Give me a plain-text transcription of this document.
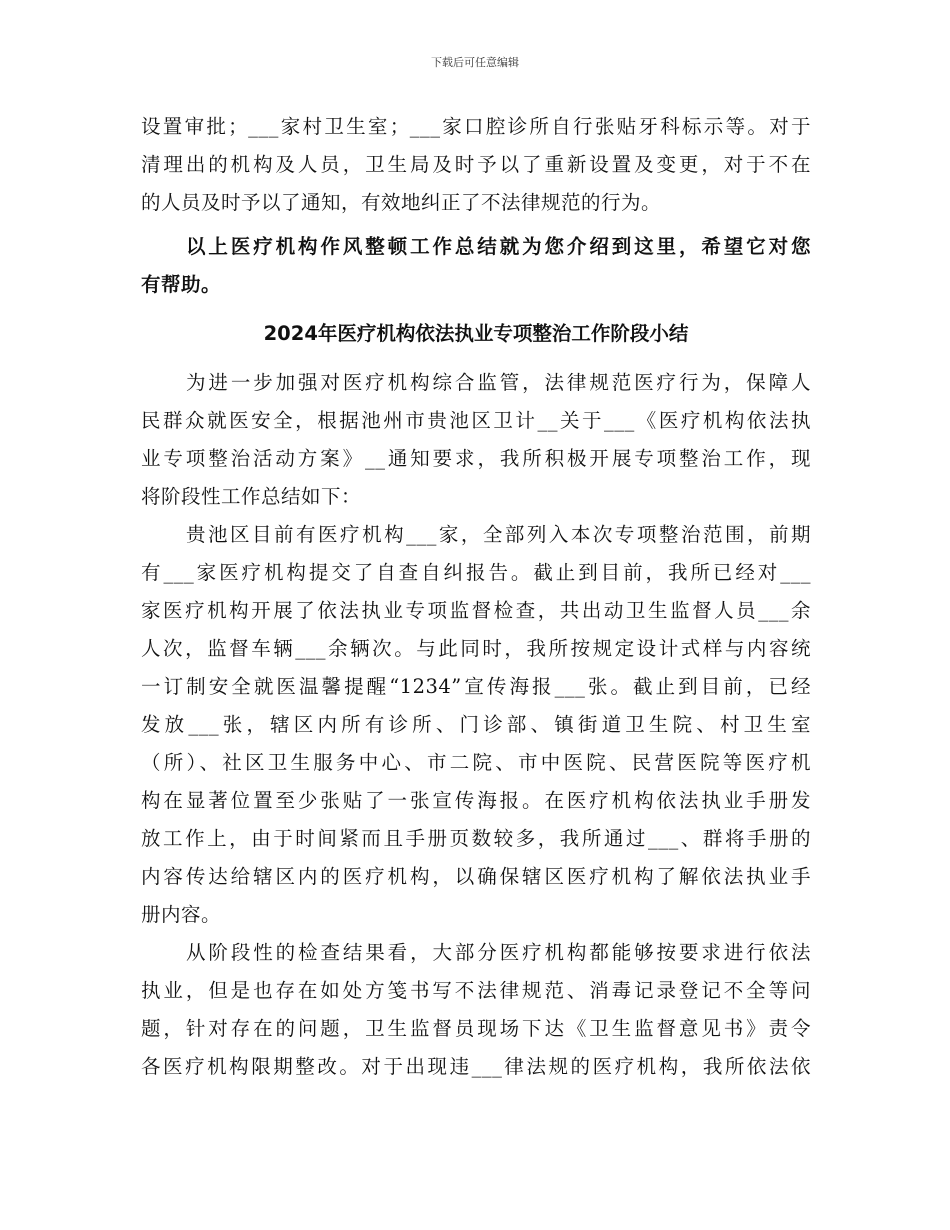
下载后可任意编辑
设置审批；___家村卫生室；___家口腔诊所自行张贴牙科标示等。对于
清理出的机构及人员，卫生局及时予以了重新设置及变更，对于不在
的人员及时予以了通知，有效地纠正了不法律规范的行为。
以上医疗机构作风整顿工作总结就为您介绍到这里，希望它对您
有帮助。
2024年医疗机构依法执业专项整治工作阶段小结
为进一步加强对医疗机构综合监管，法律规范医疗行为，保障人
民群众就医安全，根据池州市贵池区卫计__关于___《医疗机构依法执
业专项整治活动方案》__通知要求，我所积极开展专项整治工作，现
将阶段性工作总结如下：
贵池区目前有医疗机构___家，全部列入本次专项整治范围，前期
有___家医疗机构提交了自查自纠报告。截止到目前，我所已经对___
家医疗机构开展了依法执业专项监督检查，共出动卫生监督人员___余
人次，监督车辆___余辆次。与此同时，我所按规定设计式样与内容统
一订制安全就医温馨提醒“1234”宣传海报___张。截止到目前，已经
发放___张，辖区内所有诊所、门诊部、镇街道卫生院、村卫生室
（所）、社区卫生服务中心、市二院、市中医院、民营医院等医疗机
构在显著位置至少张贴了一张宣传海报。在医疗机构依法执业手册发
放工作上，由于时间紧而且手册页数较多，我所通过___、群将手册的
内容传达给辖区内的医疗机构，以确保辖区医疗机构了解依法执业手
册内容。
从阶段性的检查结果看，大部分医疗机构都能够按要求进行依法
执业，但是也存在如处方笺书写不法律规范、消毒记录登记不全等问
题，针对存在的问题，卫生监督员现场下达《卫生监督意见书》责令
各医疗机构限期整改。对于出现违___律法规的医疗机构，我所依法依
